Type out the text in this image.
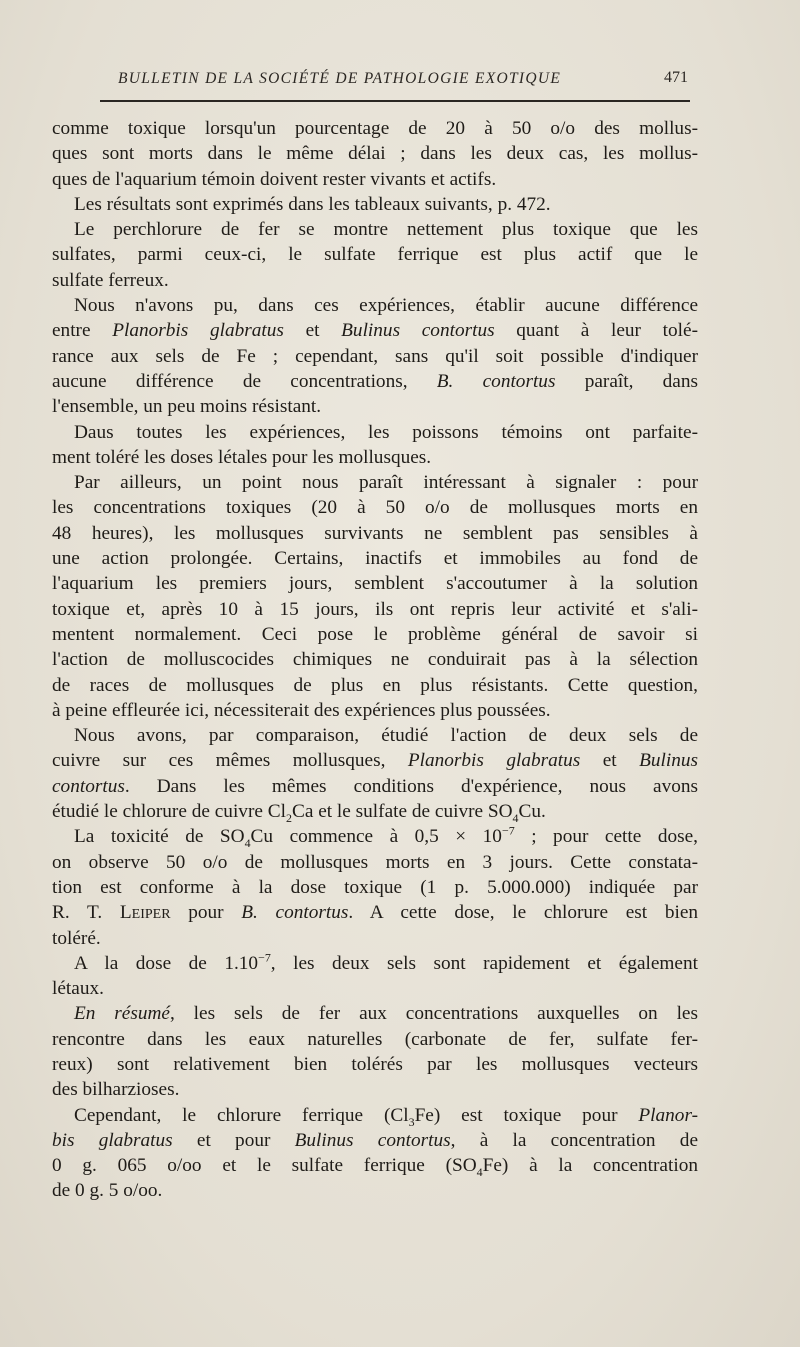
BULLETIN DE LA SOCIÉTÉ DE PATHOLOGIE EXOTIQUE	471

comme toxique lorsqu'un pourcentage de 20 à 50 o/o des mollus-
ques sont morts dans le même délai ; dans les deux cas, les mollus-
ques de l'aquarium témoin doivent rester vivants et actifs.

Les résultats sont exprimés dans les tableaux suivants, p. 472.

Le perchlorure de fer se montre nettement plus toxique que les
sulfates, parmi ceux-ci, le sulfate ferrique est plus actif que le
sulfate ferreux.

Nous n'avons pu, dans ces expériences, établir aucune différence
entre Planorbis glabratus et Bulinus contortus quant à leur tolé-
rance aux sels de Fe ; cependant, sans qu'il soit possible d'indiquer
aucune différence de concentrations, B. contortus paraît, dans
l'ensemble, un peu moins résistant.

Daus toutes les expériences, les poissons témoins ont parfaite-
ment toléré les doses létales pour les mollusques.

Par ailleurs, un point nous paraît intéressant à signaler : pour
les concentrations toxiques (20 à 50 o/o de mollusques morts en
48 heures), les mollusques survivants ne semblent pas sensibles à
une action prolongée. Certains, inactifs et immobiles au fond de
l'aquarium les premiers jours, semblent s'accoutumer à la solution
toxique et, après 10 à 15 jours, ils ont repris leur activité et s'ali-
mentent normalement. Ceci pose le problème général de savoir si
l'action de molluscocides chimiques ne conduirait pas à la sélection
de races de mollusques de plus en plus résistants. Cette question,
à peine effleurée ici, nécessiterait des expériences plus poussées.

Nous avons, par comparaison, étudié l'action de deux sels de
cuivre sur ces mêmes mollusques, Planorbis glabratus et Bulinus
contortus. Dans les mêmes conditions d'expérience, nous avons
étudié le chlorure de cuivre $Cl_2Ca$ et le sulfate de cuivre $SO_4Cu$.

La toxicité de $SO_4Cu$ commence à $0,5 \times 10^{-7}$ ; pour cette dose,
on observe 50 o/o de mollusques morts en 3 jours. Cette constata-
tion est conforme à la dose toxique (1 p. 5.000.000) indiquée par
R. T. Leiper pour B. contortus. A cette dose, le chlorure est bien
toléré.

A la dose de $1.10^{-7}$, les deux sels sont rapidement et également
létaux.

En résumé, les sels de fer aux concentrations auxquelles on les
rencontre dans les eaux naturelles (carbonate de fer, sulfate fer-
reux) sont relativement bien tolérés par les mollusques vecteurs
des bilharzioses.

Cependant, le chlorure ferrique $(Cl_3Fe)$ est toxique pour Planor-
bis glabratus et pour Bulinus contortus, à la concentration de
0 g. 065 o/oo et le sulfate ferrique $(SO_4Fe)$ à la concentration
de 0 g. 5 o/oo.
